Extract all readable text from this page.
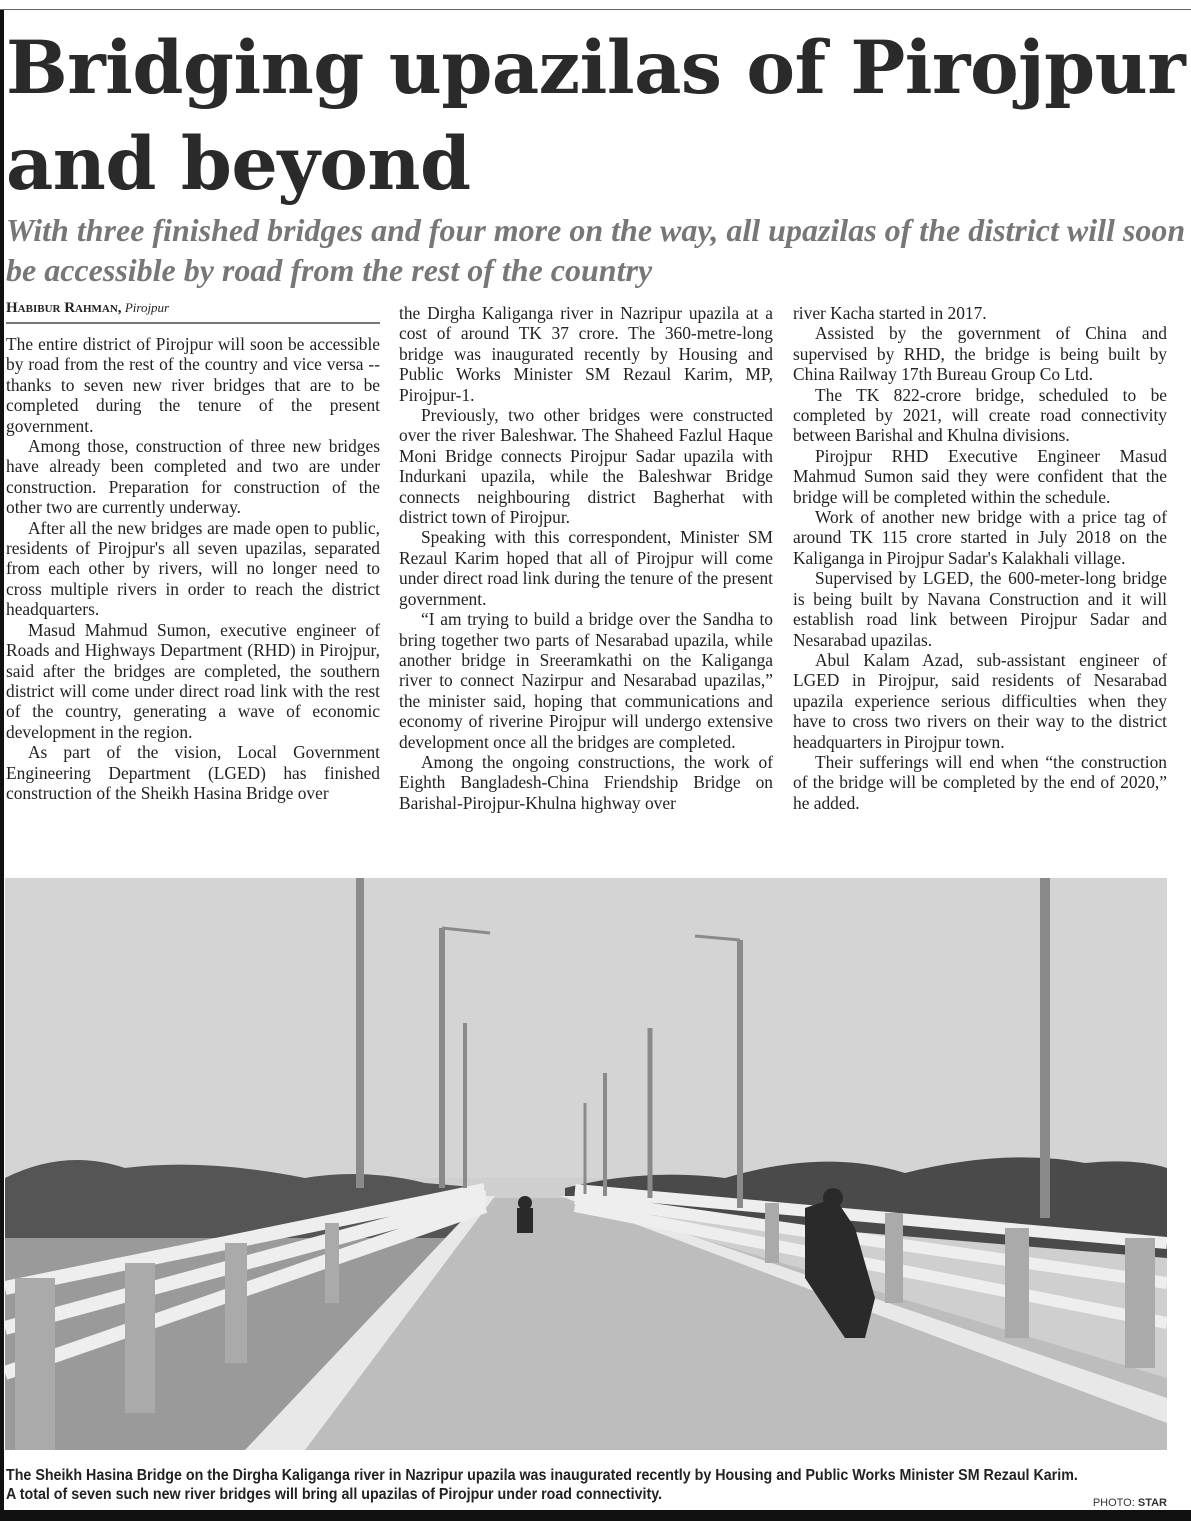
Bridging upazilas of Pirojpur
and beyond

With three finished bridges and four more on the way, all upazilas of the district will soon be accessible by road from the rest of the country

Habibur Rahman, Pirojpur

The entire district of Pirojpur will soon be accessible by road from the rest of the country and vice versa -- thanks to seven new river bridges that are to be completed during the tenure of the present government.

Among those, construction of three new bridges have already been completed and two are under construction. Preparation for construction of the other two are currently underway.

After all the new bridges are made open to public, residents of Pirojpur's all seven upazilas, separated from each other by rivers, will no longer need to cross multiple rivers in order to reach the district headquarters.

Masud Mahmud Sumon, executive engineer of Roads and Highways Department (RHD) in Pirojpur, said after the bridges are completed, the southern district will come under direct road link with the rest of the country, generating a wave of economic development in the region.

As part of the vision, Local Government Engineering Department (LGED) has finished construction of the Sheikh Hasina Bridge over

the Dirgha Kaliganga river in Nazripur upazila at a cost of around TK 37 crore. The 360-metre-long bridge was inaugurated recently by Housing and Public Works Minister SM Rezaul Karim, MP, Pirojpur-1.

Previously, two other bridges were constructed over the river Baleshwar. The Shaheed Fazlul Haque Moni Bridge connects Pirojpur Sadar upazila with Indurkani upazila, while the Baleshwar Bridge connects neighbouring district Bagherhat with district town of Pirojpur.

Speaking with this correspondent, Minister SM Rezaul Karim hoped that all of Pirojpur will come under direct road link during the tenure of the present government.

“I am trying to build a bridge over the Sandha to bring together two parts of Nesarabad upazila, while another bridge in Sreeramkathi on the Kaliganga river to connect Nazirpur and Nesarabad upazilas,” the minister said, hoping that communications and economy of riverine Pirojpur will undergo extensive development once all the bridges are completed.

Among the ongoing constructions, the work of Eighth Bangladesh-China Friendship Bridge on Barishal-Pirojpur-Khulna highway over

river Kacha started in 2017.

Assisted by the government of China and supervised by RHD, the bridge is being built by China Railway 17th Bureau Group Co Ltd.

The TK 822-crore bridge, scheduled to be completed by 2021, will create road connectivity between Barishal and Khulna divisions.

Pirojpur RHD Executive Engineer Masud Mahmud Sumon said they were confident that the bridge will be completed within the schedule.

Work of another new bridge with a price tag of around TK 115 crore started in July 2018 on the Kaliganga in Pirojpur Sadar's Kalakhali village.

Supervised by LGED, the 600-meter-long bridge is being built by Navana Construction and it will establish road link between Pirojpur Sadar and Nesarabad upazilas.

Abul Kalam Azad, sub-assistant engineer of LGED in Pirojpur, said residents of Nesarabad upazila experience serious difficulties when they have to cross two rivers on their way to the district headquarters in Pirojpur town.

Their sufferings will end when “the construction of the bridge will be completed by the end of 2020,” he added.

The Sheikh Hasina Bridge on the Dirgha Kaliganga river in Nazripur upazila was inaugurated recently by Housing and Public Works Minister SM Rezaul Karim.
A total of seven such new river bridges will bring all upazilas of Pirojpur under road connectivity.	PHOTO: STAR
